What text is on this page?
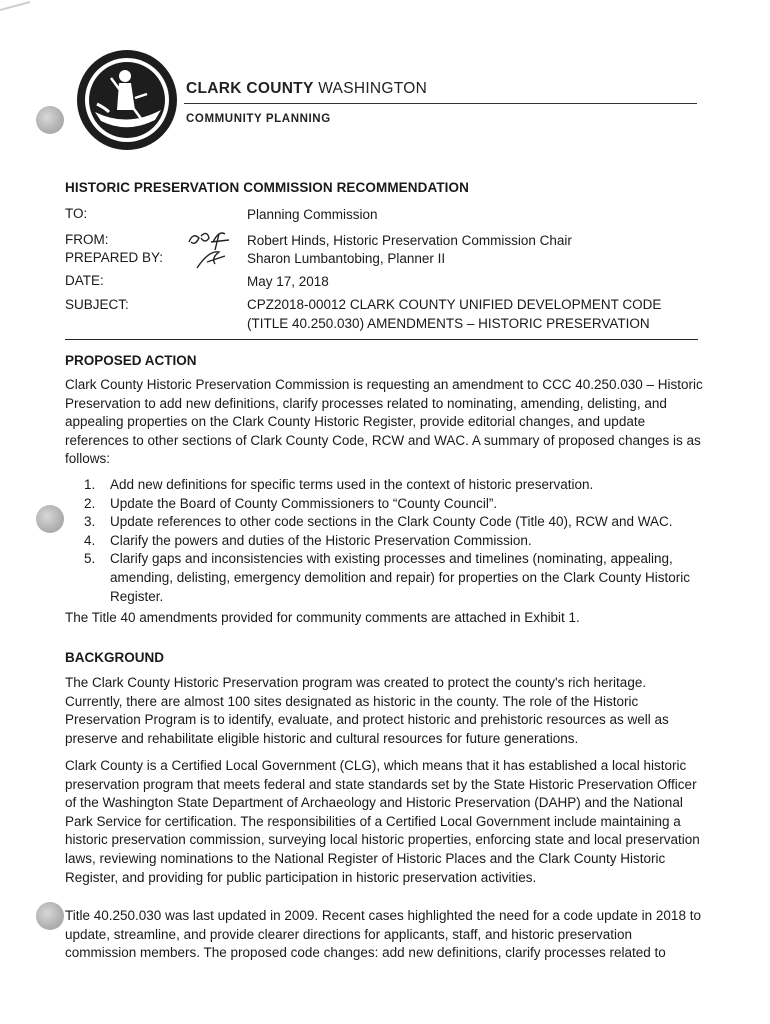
CLARK COUNTY WASHINGTON
COMMUNITY PLANNING
HISTORIC PRESERVATION COMMISSION RECOMMENDATION
TO:	Planning Commission
FROM:	Robert Hinds, Historic Preservation Commission Chair
PREPARED BY:	Sharon Lumbantobing, Planner II
DATE:	May 17, 2018
SUBJECT:	CPZ2018-00012 CLARK COUNTY UNIFIED DEVELOPMENT CODE
(TITLE 40.250.030) AMENDMENTS – HISTORIC PRESERVATION
PROPOSED ACTION

Clark County Historic Preservation Commission is requesting an amendment to CCC 40.250.030 – Historic Preservation to add new definitions, clarify processes related to nominating, amending, delisting, and appealing properties on the Clark County Historic Register, provide editorial changes, and update references to other sections of Clark County Code, RCW and WAC. A summary of proposed changes is as follows:

1. Add new definitions for specific terms used in the context of historic preservation.
2. Update the Board of County Commissioners to “County Council”.
3. Update references to other code sections in the Clark County Code (Title 40), RCW and WAC.
4. Clarify the powers and duties of the Historic Preservation Commission.
5. Clarify gaps and inconsistencies with existing processes and timelines (nominating, appealing, amending, delisting, emergency demolition and repair) for properties on the Clark County Historic Register.

The Title 40 amendments provided for community comments are attached in Exhibit 1.

BACKGROUND

The Clark County Historic Preservation program was created to protect the county's rich heritage. Currently, there are almost 100 sites designated as historic in the county. The role of the Historic Preservation Program is to identify, evaluate, and protect historic and prehistoric resources as well as preserve and rehabilitate eligible historic and cultural resources for future generations.

Clark County is a Certified Local Government (CLG), which means that it has established a local historic preservation program that meets federal and state standards set by the State Historic Preservation Officer of the Washington State Department of Archaeology and Historic Preservation (DAHP) and the National Park Service for certification. The responsibilities of a Certified Local Government include maintaining a historic preservation commission, surveying local historic properties, enforcing state and local preservation laws, reviewing nominations to the National Register of Historic Places and the Clark County Historic Register, and providing for public participation in historic preservation activities.

Title 40.250.030 was last updated in 2009. Recent cases highlighted the need for a code update in 2018 to update, streamline, and provide clearer directions for applicants, staff, and historic preservation commission members. The proposed code changes: add new definitions, clarify processes related to
